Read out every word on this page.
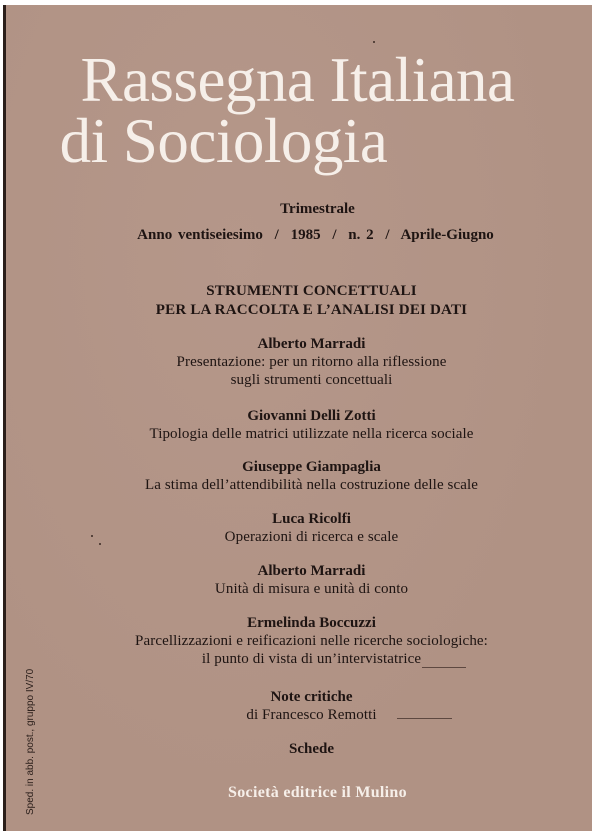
Rassegna Italiana
di Sociologia
Trimestrale
Anno ventiseiesimo / 1985 / n. 2 / Aprile-Giugno
STRUMENTI CONCETTUALI
PER LA RACCOLTA E L’ANALISI DEI DATI
Alberto Marradi
Presentazione: per un ritorno alla riflessione
sugli strumenti concettuali
Giovanni Delli Zotti
Tipologia delle matrici utilizzate nella ricerca sociale
Giuseppe Giampaglia
La stima dell’attendibilità nella costruzione delle scale
Luca Ricolfi
Operazioni di ricerca e scale
Alberto Marradi
Unità di misura e unità di conto
Ermelinda Boccuzzi
Parcellizzazioni e reificazioni nelle ricerche sociologiche:
il punto di vista di un’intervistatrice
Note critiche
di Francesco Remotti
Schede
Sped. in abb. post., gruppo IV/70	Società editrice il Mulino
